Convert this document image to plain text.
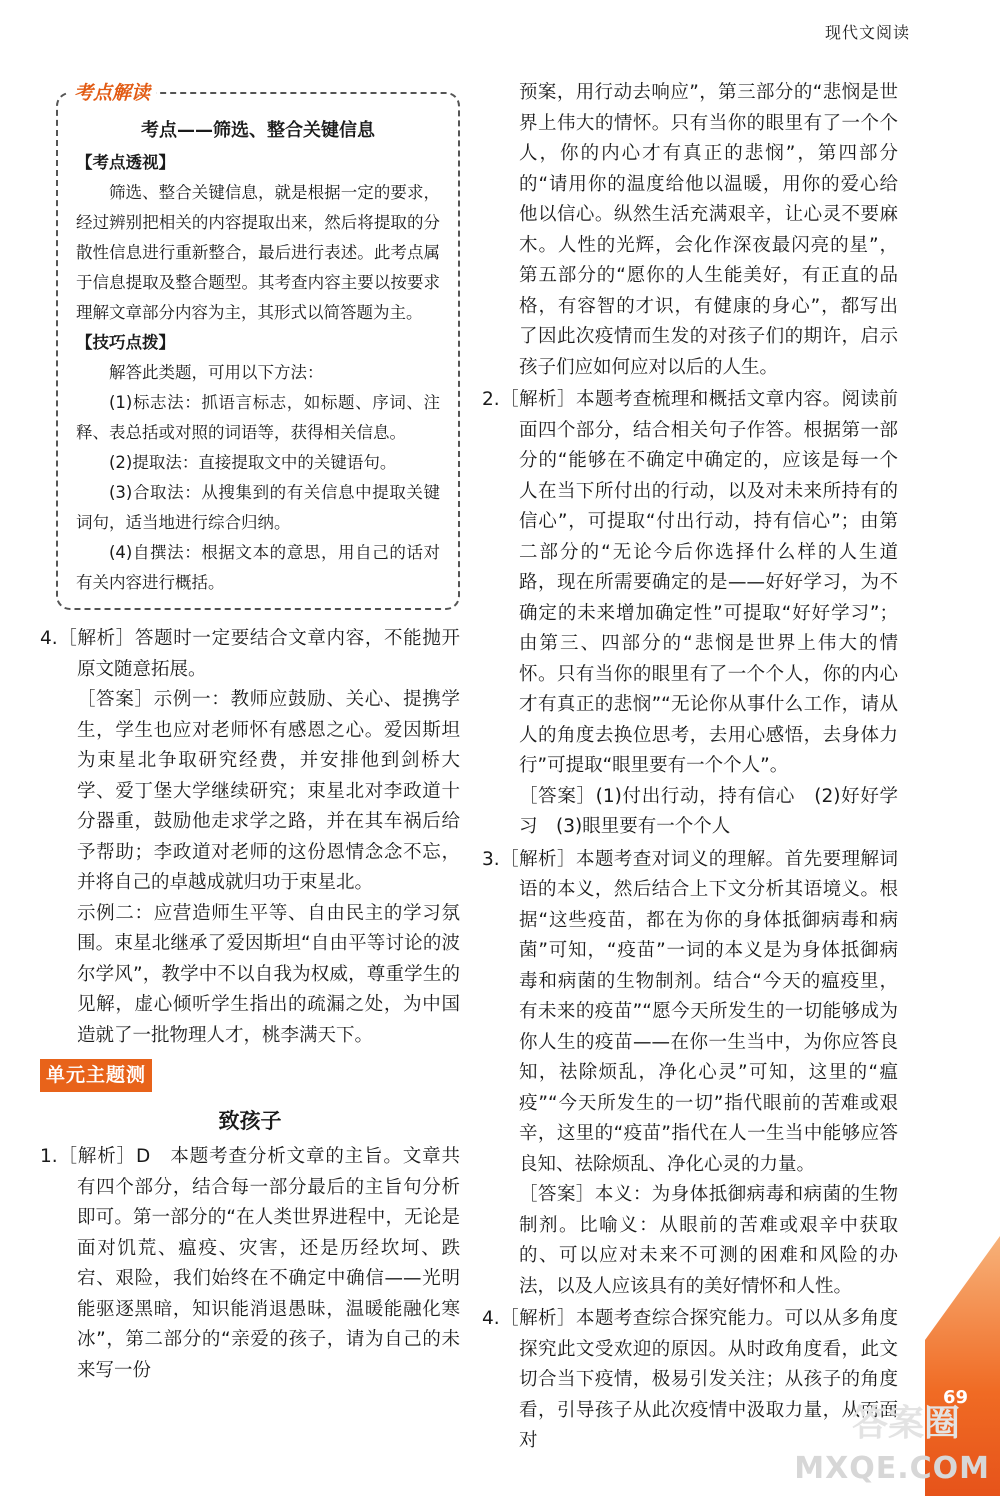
现代文阅读
考点解读
考点——筛选、整合关键信息
【考点透视】
筛选、整合关键信息，就是根据一定的要求，经过辨别把相关的内容提取出来，然后将提取的分散性信息进行重新整合，最后进行表述。此考点属于信息提取及整合题型。其考查内容主要以按要求理解文章部分内容为主，其形式以简答题为主。
【技巧点拨】
解答此类题，可用以下方法：
(1)标志法：抓语言标志，如标题、序词、注释、表总括或对照的词语等，获得相关信息。
(2)提取法：直接提取文中的关键语句。
(3)合取法：从搜集到的有关信息中提取关键词句，适当地进行综合归纳。
(4)自撰法：根据文本的意思，用自己的话对有关内容进行概括。
4.［解析］答题时一定要结合文章内容，不能抛开原文随意拓展。
［答案］示例一：教师应鼓励、关心、提携学生，学生也应对老师怀有感恩之心。爱因斯坦为束星北争取研究经费，并安排他到剑桥大学、爱丁堡大学继续研究；束星北对李政道十分器重，鼓励他走求学之路，并在其车祸后给予帮助；李政道对老师的这份恩情念念不忘，并将自己的卓越成就归功于束星北。
示例二：应营造师生平等、自由民主的学习氛围。束星北继承了爱因斯坦“自由平等讨论的波尔学风”，教学中不以自我为权威，尊重学生的见解，虚心倾听学生指出的疏漏之处，为中国造就了一批物理人才，桃李满天下。
单元主题测
致孩子
1.［解析］D　本题考查分析文章的主旨。文章共有四个部分，结合每一部分最后的主旨句分析即可。第一部分的“在人类世界进程中，无论是面对饥荒、瘟疫、灾害，还是历经坎坷、跌宕、艰险，我们始终在不确定中确信——光明能驱逐黑暗，知识能消退愚昧，温暖能融化寒冰”，第二部分的“亲爱的孩子，请为自己的未来写一份
预案，用行动去响应”，第三部分的“悲悯是世界上伟大的情怀。只有当你的眼里有了一个个人，你的内心才有真正的悲悯”，第四部分的“请用你的温度给他以温暖，用你的爱心给他以信心。纵然生活充满艰辛，让心灵不要麻木。人性的光辉，会化作深夜最闪亮的星”，第五部分的“愿你的人生能美好，有正直的品格，有容智的才识，有健康的身心”，都写出了因此次疫情而生发的对孩子们的期许，启示孩子们应如何应对以后的人生。
2.［解析］本题考查梳理和概括文章内容。阅读前面四个部分，结合相关句子作答。根据第一部分的“能够在不确定中确定的，应该是每一个人在当下所付出的行动，以及对未来所持有的信心”，可提取“付出行动，持有信心”；由第二部分的“无论今后你选择什么样的人生道路，现在所需要确定的是——好好学习，为不确定的未来增加确定性”可提取“好好学习”；由第三、四部分的“悲悯是世界上伟大的情怀。只有当你的眼里有了一个个人，你的内心才有真正的悲悯”“无论你从事什么工作，请从人的角度去换位思考，去用心感悟，去身体力行”可提取“眼里要有一个个人”。
［答案］(1)付出行动，持有信心　(2)好好学习　(3)眼里要有一个个人
3.［解析］本题考查对词义的理解。首先要理解词语的本义，然后结合上下文分析其语境义。根据“这些疫苗，都在为你的身体抵御病毒和病菌”可知，“疫苗”一词的本义是为身体抵御病毒和病菌的生物制剂。结合“今天的瘟疫里，有未来的疫苗”“愿今天所发生的一切能够成为你人生的疫苗——在你一生当中，为你应答良知，祛除烦乱，净化心灵”可知，这里的“瘟疫”“今天所发生的一切”指代眼前的苦难或艰辛，这里的“疫苗”指代在人一生当中能够应答良知、祛除烦乱、净化心灵的力量。
［答案］本义：为身体抵御病毒和病菌的生物制剂。比喻义：从眼前的苦难或艰辛中获取的、可以应对未来不可测的困难和风险的办法，以及人应该具有的美好情怀和人性。
4.［解析］本题考查综合探究能力。可以从多角度探究此文受欢迎的原因。从时政角度看，此文切合当下疫情，极易引发关注；从孩子的角度看，引导孩子从此次疫情中汲取力量，从而面对
69
答案圈
MXQE.COM
